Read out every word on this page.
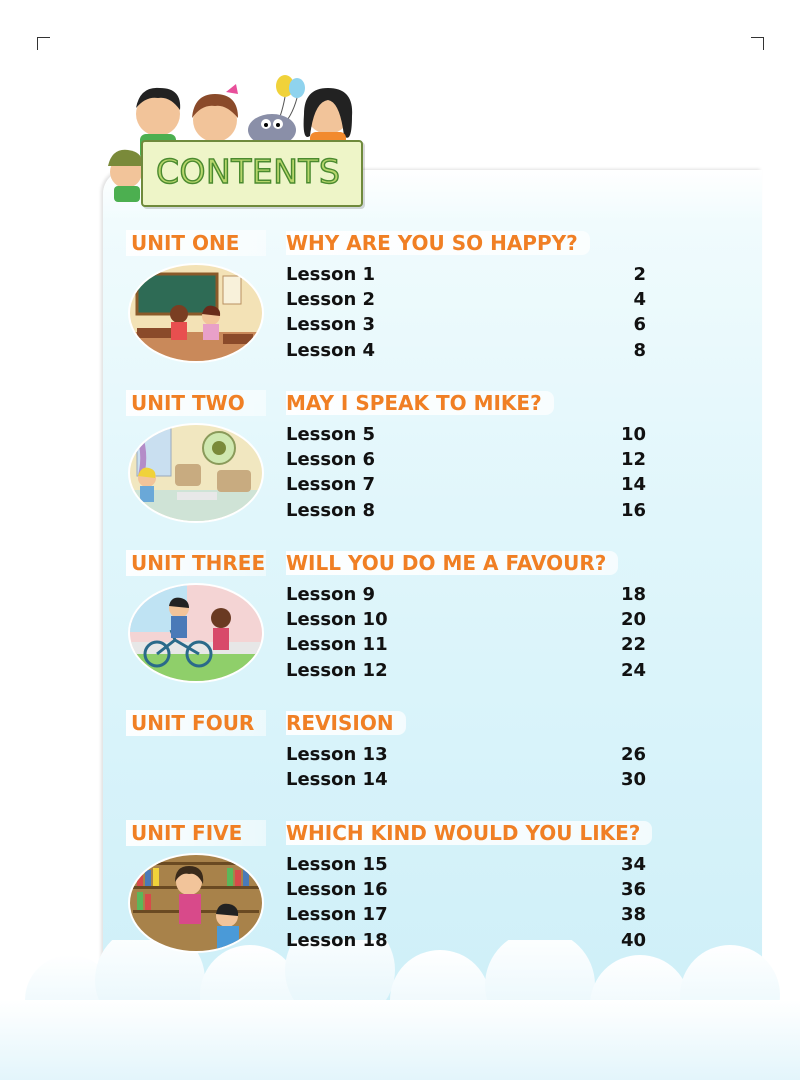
CONTENTS
UNIT ONE WHY ARE YOU SO HAPPY?
Lesson 1	2
Lesson 2	4
Lesson 3	6
Lesson 4	8
UNIT TWO MAY I SPEAK TO MIKE?
Lesson 5	10
Lesson 6	12
Lesson 7	14
Lesson 8	16
UNIT THREE WILL YOU DO ME A FAVOUR?
Lesson 9	18
Lesson 10	20
Lesson 11	22
Lesson 12	24
UNIT FOUR REVISION
Lesson 13	26
Lesson 14	30
UNIT FIVE WHICH KIND WOULD YOU LIKE?
Lesson 15	34
Lesson 16	36
Lesson 17	38
Lesson 18	40
